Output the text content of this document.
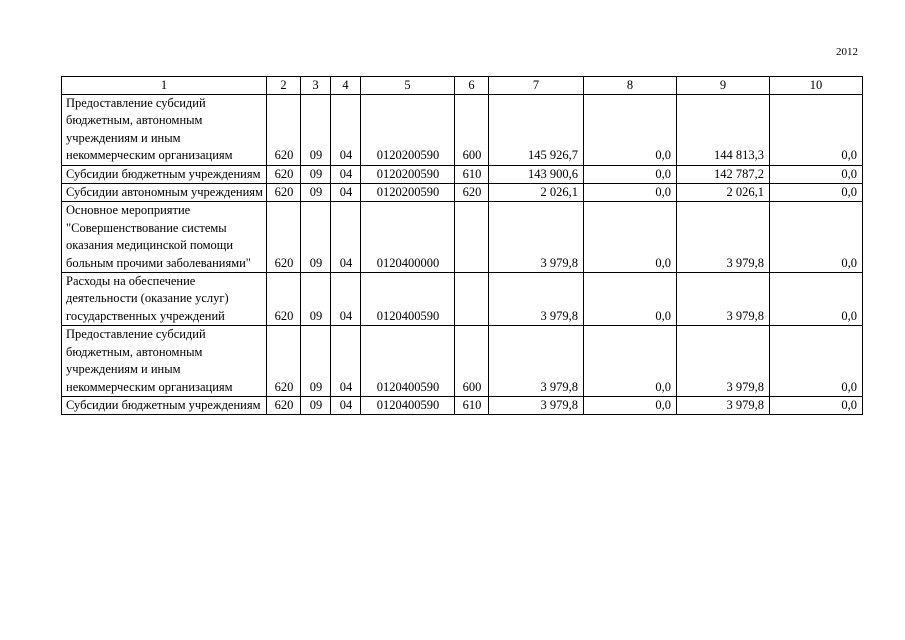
2012
1	2	3	4	5	6	7	8	9	10
Предоставление субсидий бюджетным, автономным учреждениям и иным некоммерческим организациям	620	09	04	0120200590	600	145 926,7	0,0	144 813,3	0,0
Субсидии бюджетным учреждениям	620	09	04	0120200590	610	143 900,6	0,0	142 787,2	0,0
Субсидии автономным учреждениям	620	09	04	0120200590	620	2 026,1	0,0	2 026,1	0,0
Основное мероприятие "Совершенствование системы оказания медицинской помощи больным прочими заболеваниями"	620	09	04	0120400000		3 979,8	0,0	3 979,8	0,0
Расходы на обеспечение деятельности (оказание услуг) государственных учреждений	620	09	04	0120400590		3 979,8	0,0	3 979,8	0,0
Предоставление субсидий бюджетным, автономным учреждениям и иным некоммерческим организациям	620	09	04	0120400590	600	3 979,8	0,0	3 979,8	0,0
Субсидии бюджетным учреждениям	620	09	04	0120400590	610	3 979,8	0,0	3 979,8	0,0
